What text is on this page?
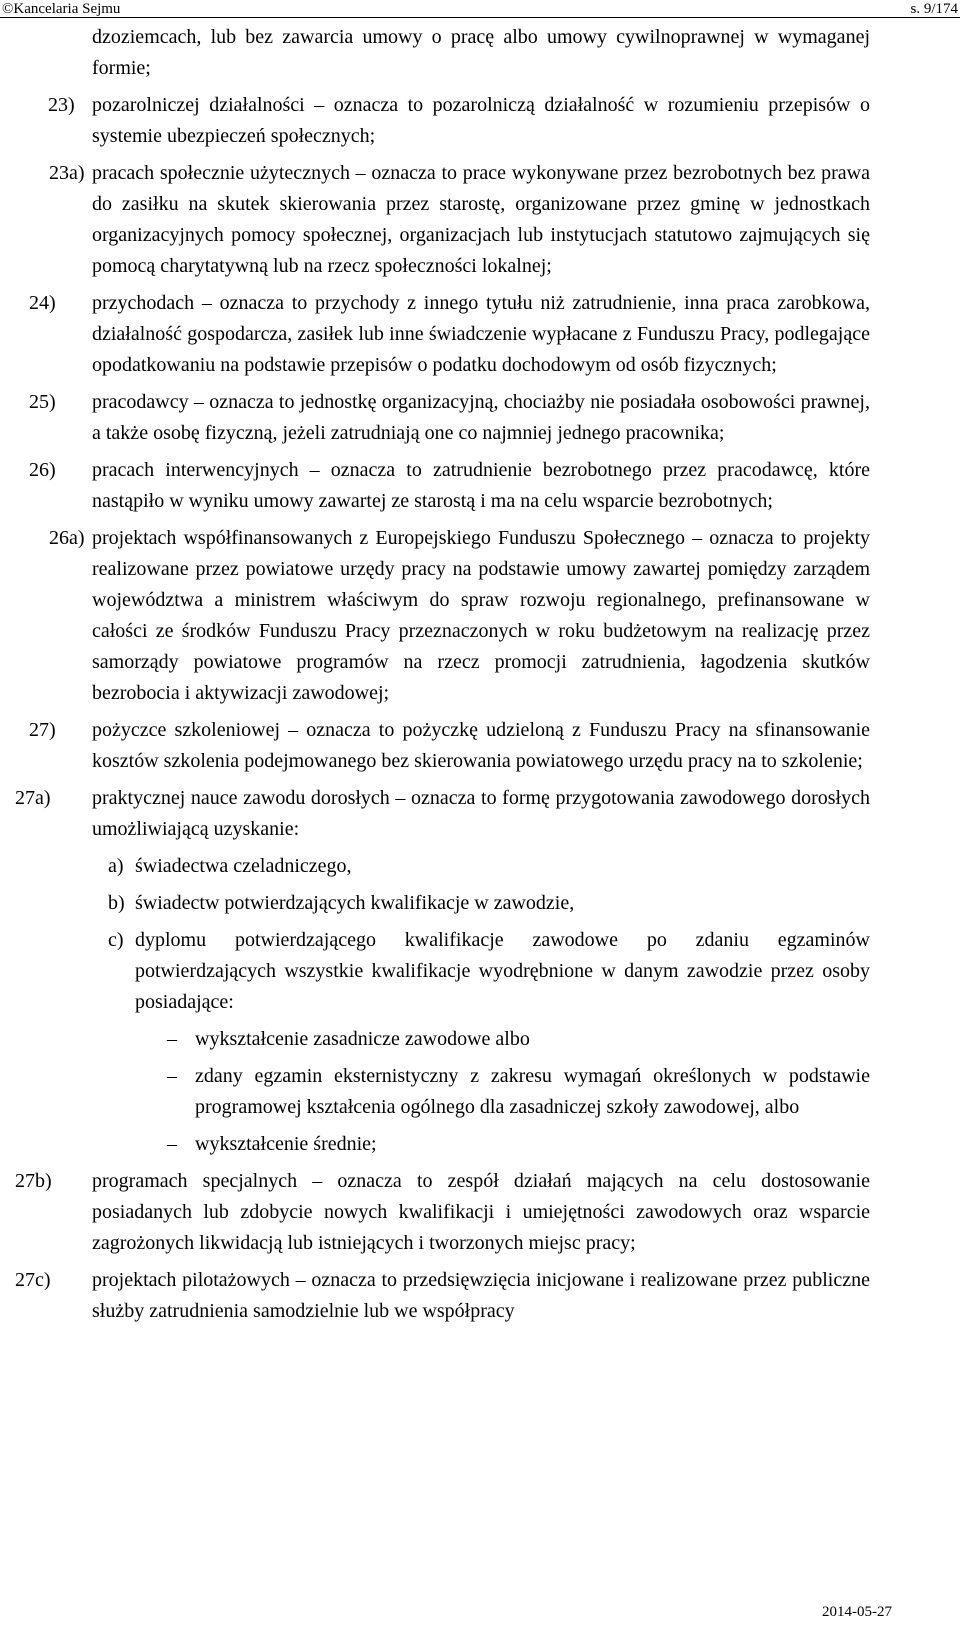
©Kancelaria Sejmu	s. 9/174
dzoziemcach, lub bez zawarcia umowy o pracę albo umowy cywilnoprawnej w wymaganej formie;
23) pozarolniczej działalności – oznacza to pozarolniczą działalność w rozumieniu przepisów o systemie ubezpieczeń społecznych;
23a) pracach społecznie użytecznych – oznacza to prace wykonywane przez bezrobotnych bez prawa do zasiłku na skutek skierowania przez starostę, organizowane przez gminę w jednostkach organizacyjnych pomocy społecznej, organizacjach lub instytucjach statutowo zajmujących się pomocą charytatywną lub na rzecz społeczności lokalnej;
24) przychodach – oznacza to przychody z innego tytułu niż zatrudnienie, inna praca zarobkowa, działalność gospodarcza, zasiłek lub inne świadczenie wypłacane z Funduszu Pracy, podlegające opodatkowaniu na podstawie przepisów o podatku dochodowym od osób fizycznych;
25) pracodawcy – oznacza to jednostkę organizacyjną, chociażby nie posiadała osobowości prawnej, a także osobę fizyczną, jeżeli zatrudniają one co najmniej jednego pracownika;
26) pracach interwencyjnych – oznacza to zatrudnienie bezrobotnego przez pracodawcę, które nastąpiło w wyniku umowy zawartej ze starostą i ma na celu wsparcie bezrobotnych;
26a) projektach współfinansowanych z Europejskiego Funduszu Społecznego – oznacza to projekty realizowane przez powiatowe urzędy pracy na podstawie umowy zawartej pomiędzy zarządem województwa a ministrem właściwym do spraw rozwoju regionalnego, prefinansowane w całości ze środków Funduszu Pracy przeznaczonych w roku budżetowym na realizację przez samorządy powiatowe programów na rzecz promocji zatrudnienia, łagodzenia skutków bezrobocia i aktywizacji zawodowej;
27) pożyczce szkoleniowej – oznacza to pożyczkę udzieloną z Funduszu Pracy na sfinansowanie kosztów szkolenia podejmowanego bez skierowania powiatowego urzędu pracy na to szkolenie;
27a) praktycznej nauce zawodu dorosłych – oznacza to formę przygotowania zawodowego dorosłych umożliwiającą uzyskanie:
a) świadectwa czeladniczego,
b) świadectw potwierdzających kwalifikacje w zawodzie,
c) dyplomu potwierdzającego kwalifikacje zawodowe po zdaniu egzaminów potwierdzających wszystkie kwalifikacje wyodrębnione w danym zawodzie przez osoby posiadające:
– wykształcenie zasadnicze zawodowe albo
– zdany egzamin eksternistyczny z zakresu wymagań określonych w podstawie programowej kształcenia ogólnego dla zasadniczej szkoły zawodowej, albo
– wykształcenie średnie;
27b) programach specjalnych – oznacza to zespół działań mających na celu dostosowanie posiadanych lub zdobycie nowych kwalifikacji i umiejętności zawodowych oraz wsparcie zagrożonych likwidacją lub istniejących i tworzonych miejsc pracy;
27c) projektach pilotażowych – oznacza to przedsięwzięcia inicjowane i realizowane przez publiczne służby zatrudnienia samodzielnie lub we współpracy
2014-05-27
